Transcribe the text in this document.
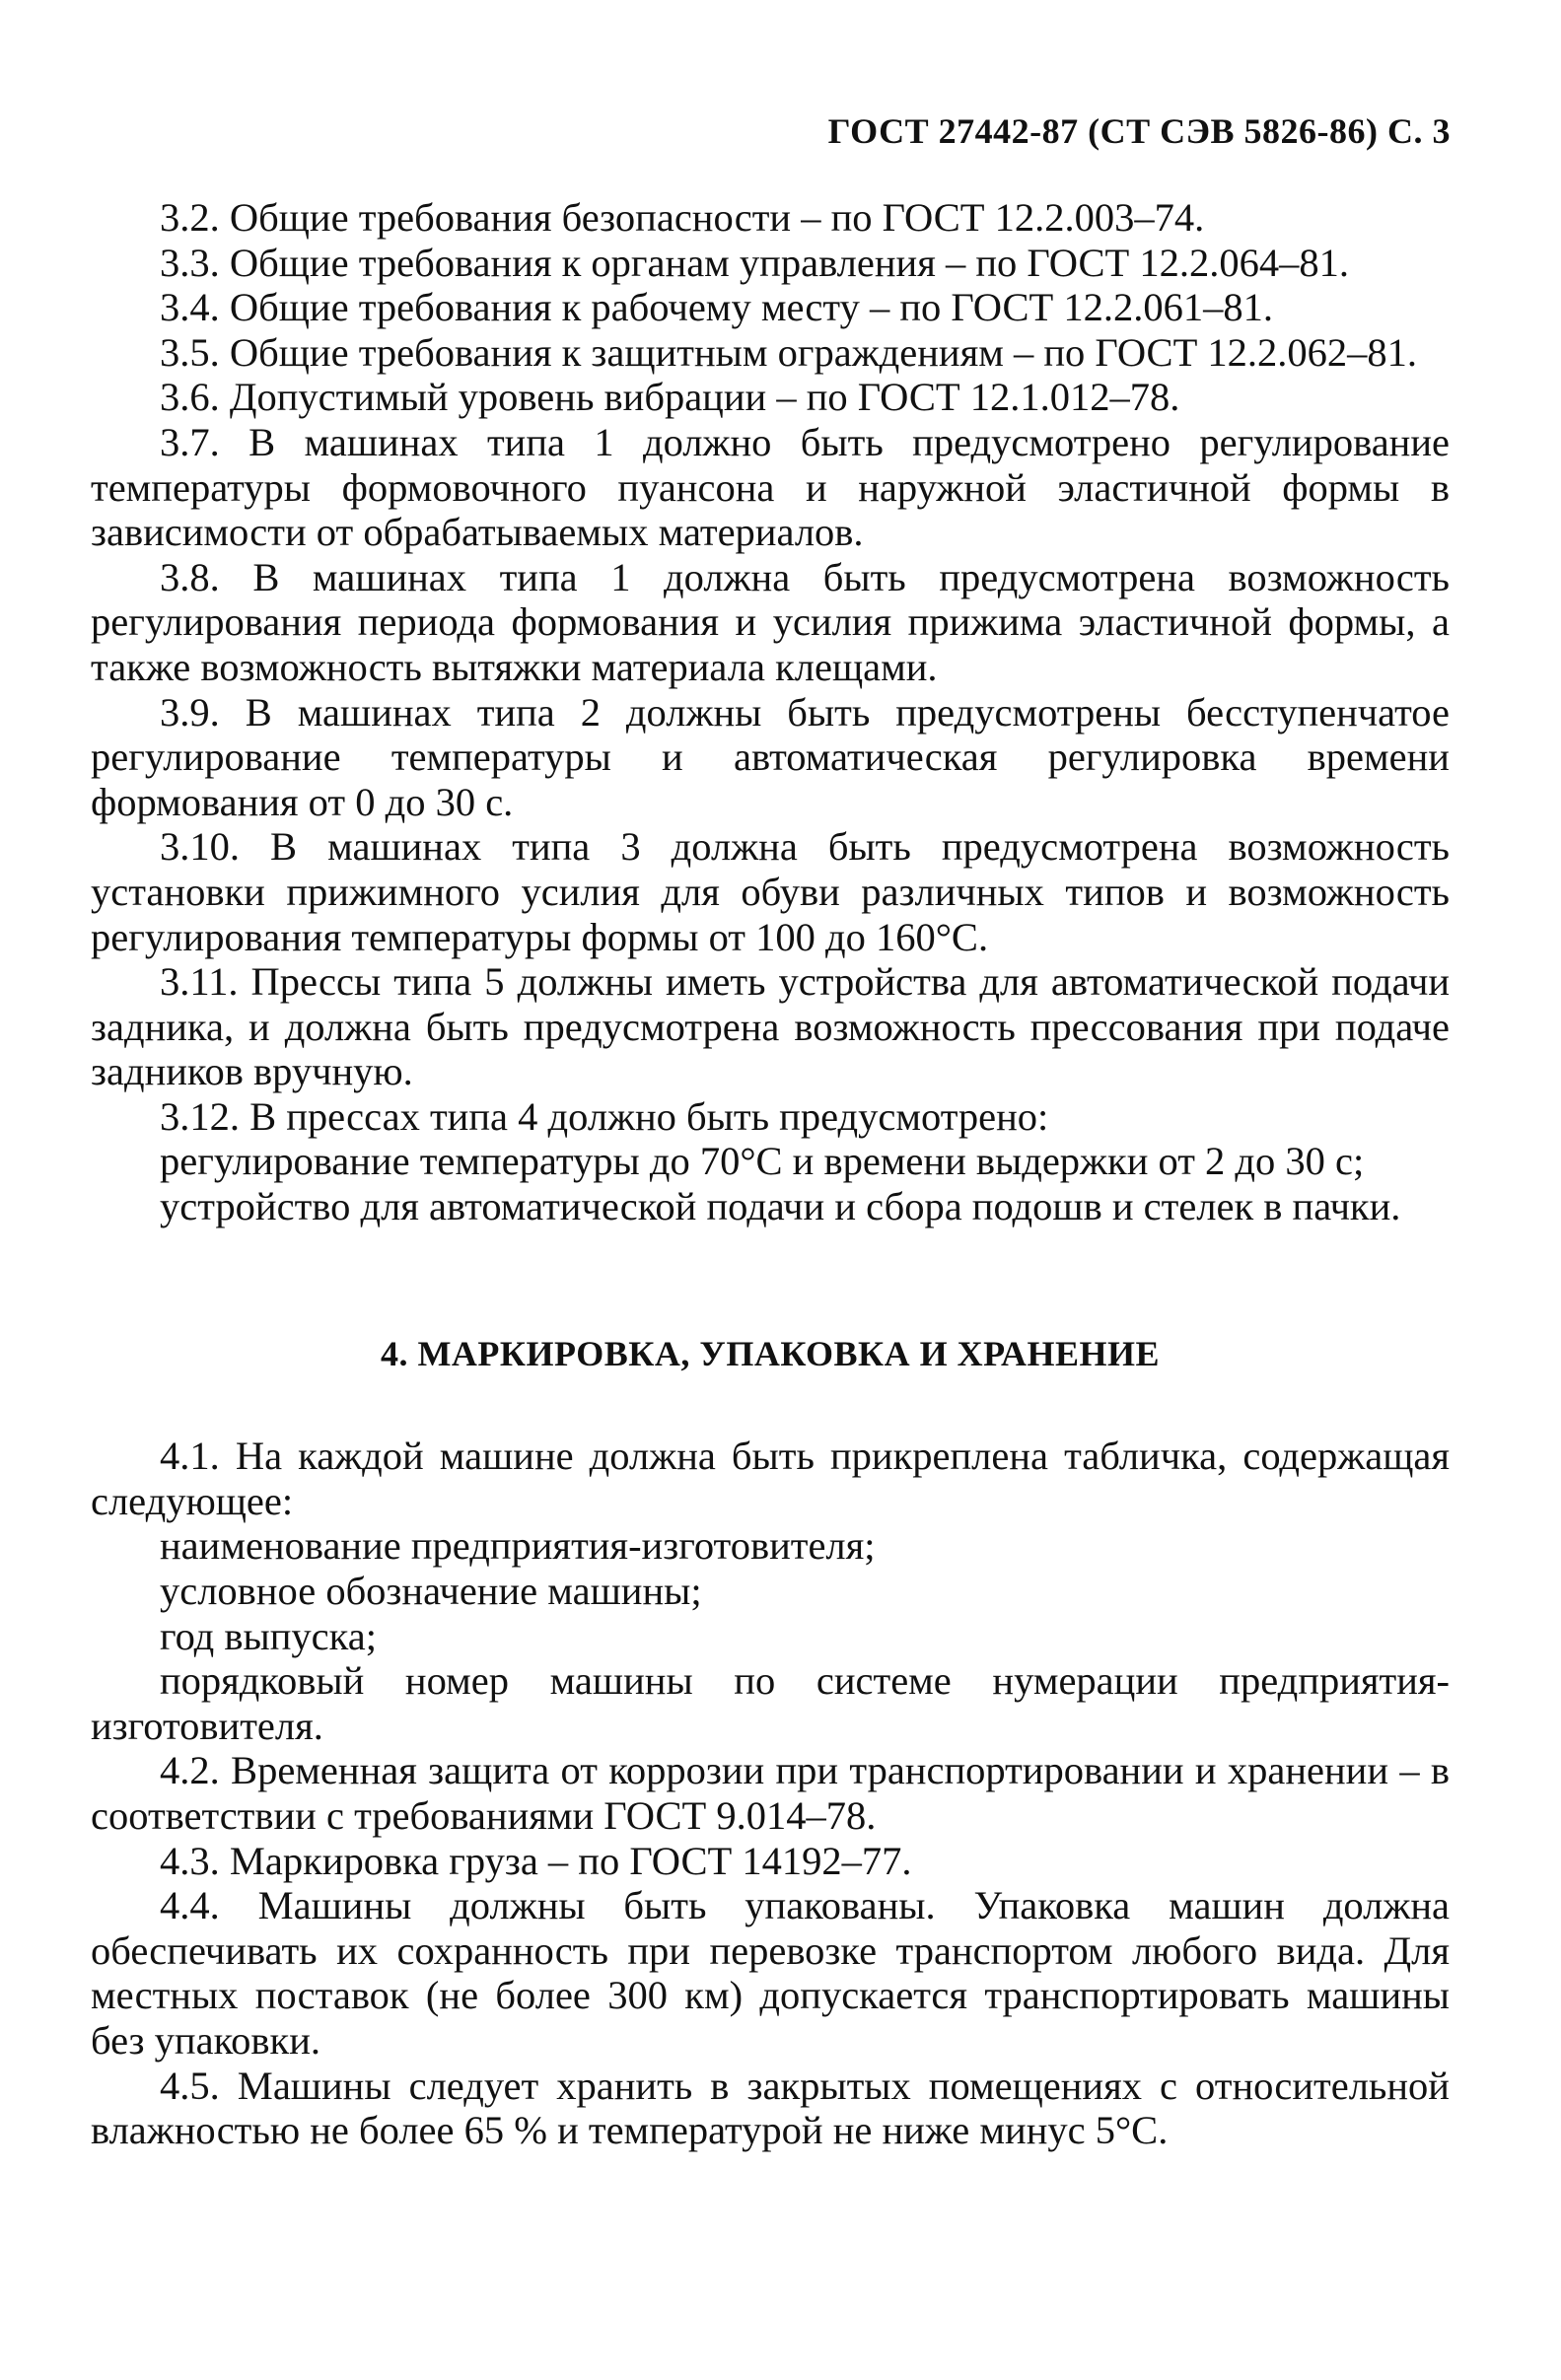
ГОСТ 27442-87 (СТ СЭВ 5826-86) С. 3

3.2. Общие требования безопасности – по ГОСТ 12.2.003–74.

3.3. Общие требования к органам управления – по ГОСТ 12.2.064–81.

3.4. Общие требования к рабочему месту – по ГОСТ 12.2.061–81.

3.5. Общие требования к защитным ограждениям – по ГОСТ 12.2.062–81.

3.6. Допустимый уровень вибрации – по ГОСТ 12.1.012–78.

3.7. В машинах типа 1 должно быть предусмотрено регулирование температуры формовочного пуансона и наружной эластичной формы в зависимости от обрабатываемых материалов.

3.8. В машинах типа 1 должна быть предусмотрена возможность регулирования периода формования и усилия прижима эластичной формы, а также возможность вытяжки материала клещами.

3.9. В машинах типа 2 должны быть предусмотрены бесступенчатое регулирование температуры и автоматическая регулировка времени формования от 0 до 30 с.

3.10. В машинах типа 3 должна быть предусмотрена возможность установки прижимного усилия для обуви различных типов и возможность регулирования температуры формы от 100 до 160°С.

3.11. Прессы типа 5 должны иметь устройства для автоматической подачи задника, и должна быть предусмотрена возможность прессования при подаче задников вручную.

3.12. В прессах типа 4 должно быть предусмотрено:

регулирование температуры до 70°С и времени выдержки от 2 до 30 с;

устройство для автоматической подачи и сбора подошв и стелек в пачки.

4. МАРКИРОВКА, УПАКОВКА И ХРАНЕНИЕ

4.1. На каждой машине должна быть прикреплена табличка, содержащая следующее:

наименование предприятия-изготовителя;

условное обозначение машины;

год выпуска;

порядковый номер машины по системе нумерации предприятия-изготовителя.

4.2. Временная защита от коррозии при транспортировании и хранении – в соответствии с требованиями ГОСТ 9.014–78.

4.3. Маркировка груза – по ГОСТ 14192–77.

4.4. Машины должны быть упакованы. Упаковка машин должна обеспечивать их сохранность при перевозке транспортом любого вида. Для местных поставок (не более 300 км) допускается транспортировать машины без упаковки.

4.5. Машины следует хранить в закрытых помещениях с относительной влажностью не более 65 % и температурой не ниже минус 5°С.
